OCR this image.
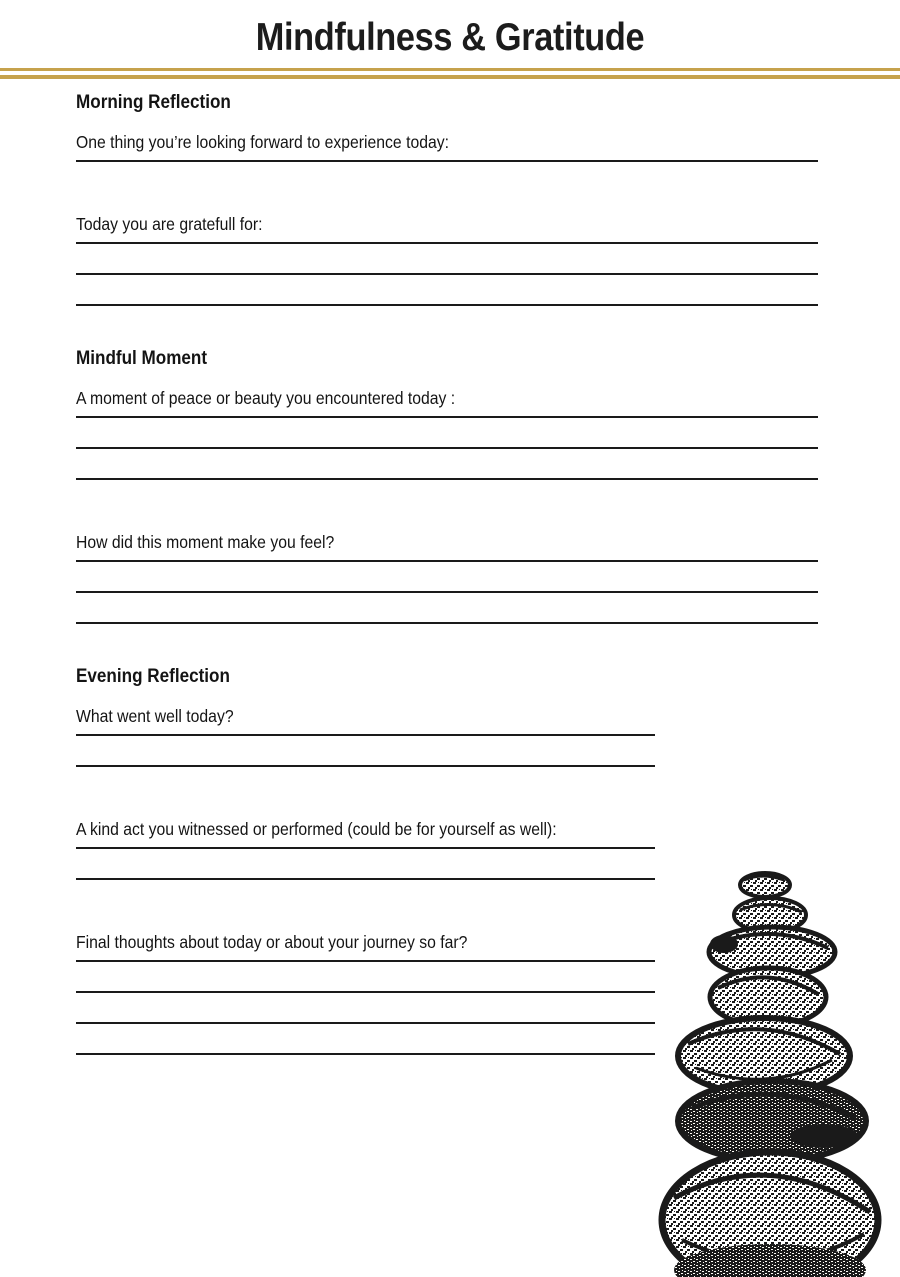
Mindfulness & Gratitude
Morning Reflection
One thing you’re looking forward to experience today:
Today you are gratefull for:
Mindful Moment
A moment of peace or beauty you encountered today :
How did this moment make you feel?
Evening Reflection
What went well today?
A kind act you witnessed or performed (could be for yourself as well):
Final thoughts about today or about your journey so far?
